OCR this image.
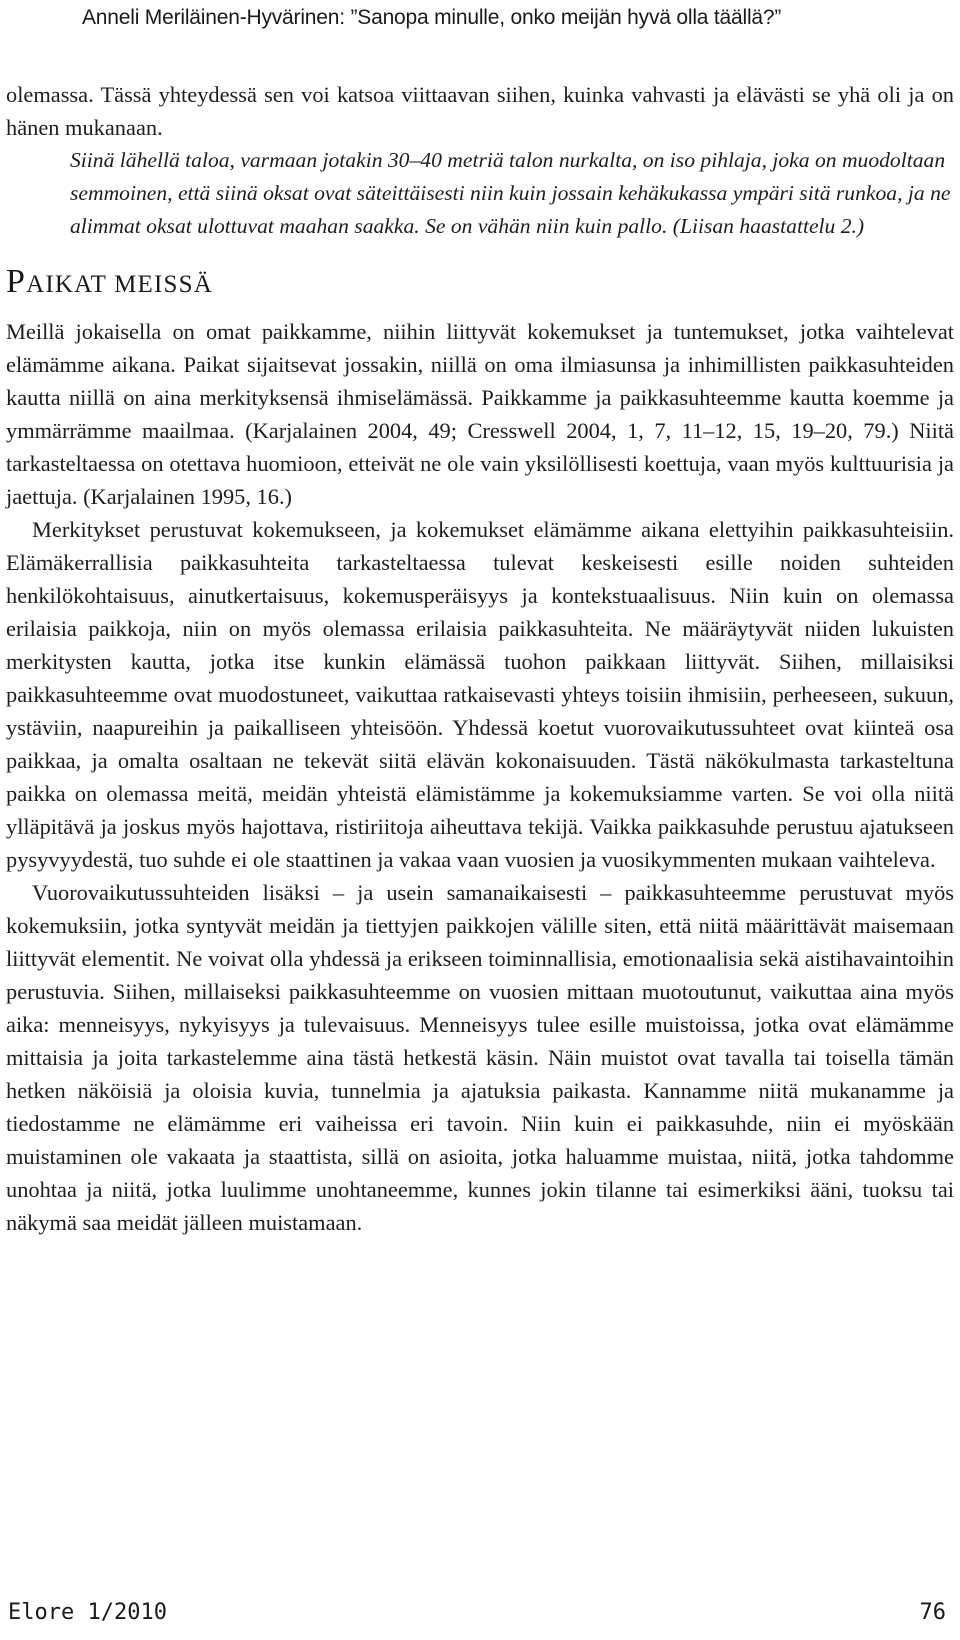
Anneli Meriläinen-Hyvärinen: ”Sanopa minulle, onko meijän hyvä olla täällä?”

olemassa. Tässä yhteydessä sen voi katsoa viittaavan siihen, kuinka vahvasti ja elävästi se yhä oli ja on hänen mukanaan.

Siinä lähellä taloa, varmaan jotakin 30–40 metriä talon nurkalta, on iso pihlaja, joka on muodoltaan semmoinen, että siinä oksat ovat säteittäisesti niin kuin jossain kehäkukassa ympäri sitä runkoa, ja ne alimmat oksat ulottuvat maahan saakka. Se on vähän niin kuin pallo. (Liisan haastattelu 2.)

PAIKAT MEISSÄ

Meillä jokaisella on omat paikkamme, niihin liittyvät kokemukset ja tuntemukset, jotka vaihtelevat elämämme aikana. Paikat sijaitsevat jossakin, niillä on oma ilmiasunsa ja inhimillisten paikkasuhteiden kautta niillä on aina merkityksensä ihmiselämässä. Paikkamme ja paikkasuhteemme kautta koemme ja ymmärrämme maailmaa. (Karjalainen 2004, 49; Cresswell 2004, 1, 7, 11–12, 15, 19–20, 79.) Niitä tarkasteltaessa on otettava huomioon, etteivät ne ole vain yksilöllisesti koettuja, vaan myös kulttuurisia ja jaettuja. (Karjalainen 1995, 16.)

Merkitykset perustuvat kokemukseen, ja kokemukset elämämme aikana elettyihin paikkasuhteisiin. Elämäkerrallisia paikkasuhteita tarkasteltaessa tulevat keskeisesti esille noiden suhteiden henkilökohtaisuus, ainutkertaisuus, kokemusperäisyys ja kontekstuaalisuus. Niin kuin on olemassa erilaisia paikkoja, niin on myös olemassa erilaisia paikkasuhteita. Ne määräytyvät niiden lukuisten merkitysten kautta, jotka itse kunkin elämässä tuohon paikkaan liittyvät. Siihen, millaisiksi paikkasuhteemme ovat muodostuneet, vaikuttaa ratkaisevasti yhteys toisiin ihmisiin, perheeseen, sukuun, ystäviin, naapureihin ja paikalliseen yhteisöön. Yhdessä koetut vuorovaikutussuhteet ovat kiinteä osa paikkaa, ja omalta osaltaan ne tekevät siitä elävän kokonaisuuden. Tästä näkökulmasta tarkasteltuna paikka on olemassa meitä, meidän yhteistä elämistämme ja kokemuksiamme varten. Se voi olla niitä ylläpitävä ja joskus myös hajottava, ristiriitoja aiheuttava tekijä. Vaikka paikkasuhde perustuu ajatukseen pysyvyydestä, tuo suhde ei ole staattinen ja vakaa vaan vuosien ja vuosikymmenten mukaan vaihteleva.

Vuorovaikutussuhteiden lisäksi – ja usein samanaikaisesti – paikkasuhteemme perustuvat myös kokemuksiin, jotka syntyvät meidän ja tiettyjen paikkojen välille siten, että niitä määrittävät maisemaan liittyvät elementit. Ne voivat olla yhdessä ja erikseen toiminnallisia, emotionaalisia sekä aistihavaintoihin perustuvia. Siihen, millaiseksi paikkasuhteemme on vuosien mittaan muotoutunut, vaikuttaa aina myös aika: menneisyys, nykyisyys ja tulevaisuus. Menneisyys tulee esille muistoissa, jotka ovat elämämme mittaisia ja joita tarkastelemme aina tästä hetkestä käsin. Näin muistot ovat tavalla tai toisella tämän hetken näköisiä ja oloisia kuvia, tunnelmia ja ajatuksia paikasta. Kannamme niitä mukanamme ja tiedostamme ne elämämme eri vaiheissa eri tavoin. Niin kuin ei paikkasuhde, niin ei myöskään muistaminen ole vakaata ja staattista, sillä on asioita, jotka haluamme muistaa, niitä, jotka tahdomme unohtaa ja niitä, jotka luulimme unohtaneemme, kunnes jokin tilanne tai esimerkiksi ääni, tuoksu tai näkymä saa meidät jälleen muistamaan.

Elore 1/2010	76
